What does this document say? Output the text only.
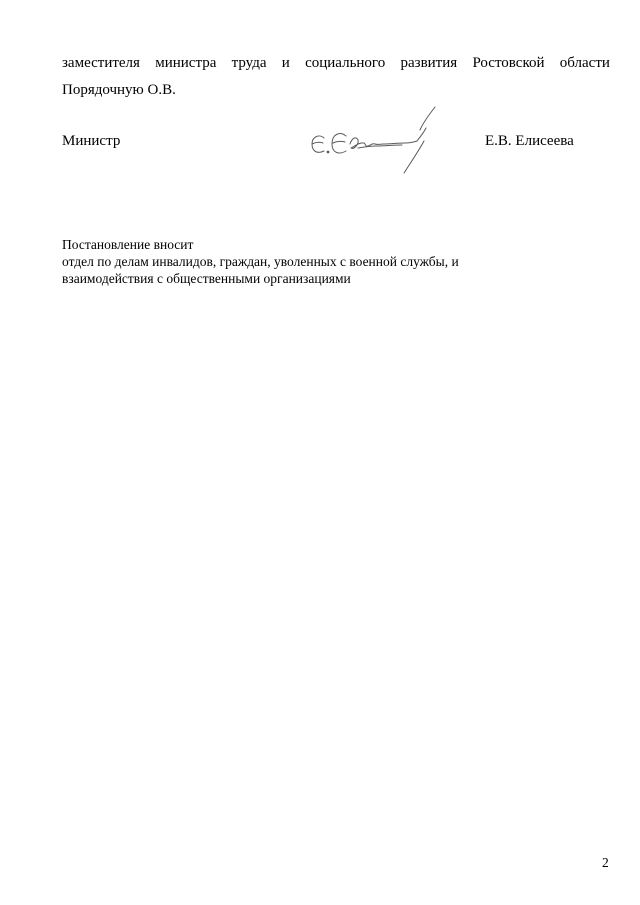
заместителя министра труда и социального развития Ростовской области
Порядочную О.В.
Министр	Е.В. Елисеева
Постановление вносит
отдел по делам инвалидов, граждан, уволенных с военной службы, и
взаимодействия с общественными организациями
2
